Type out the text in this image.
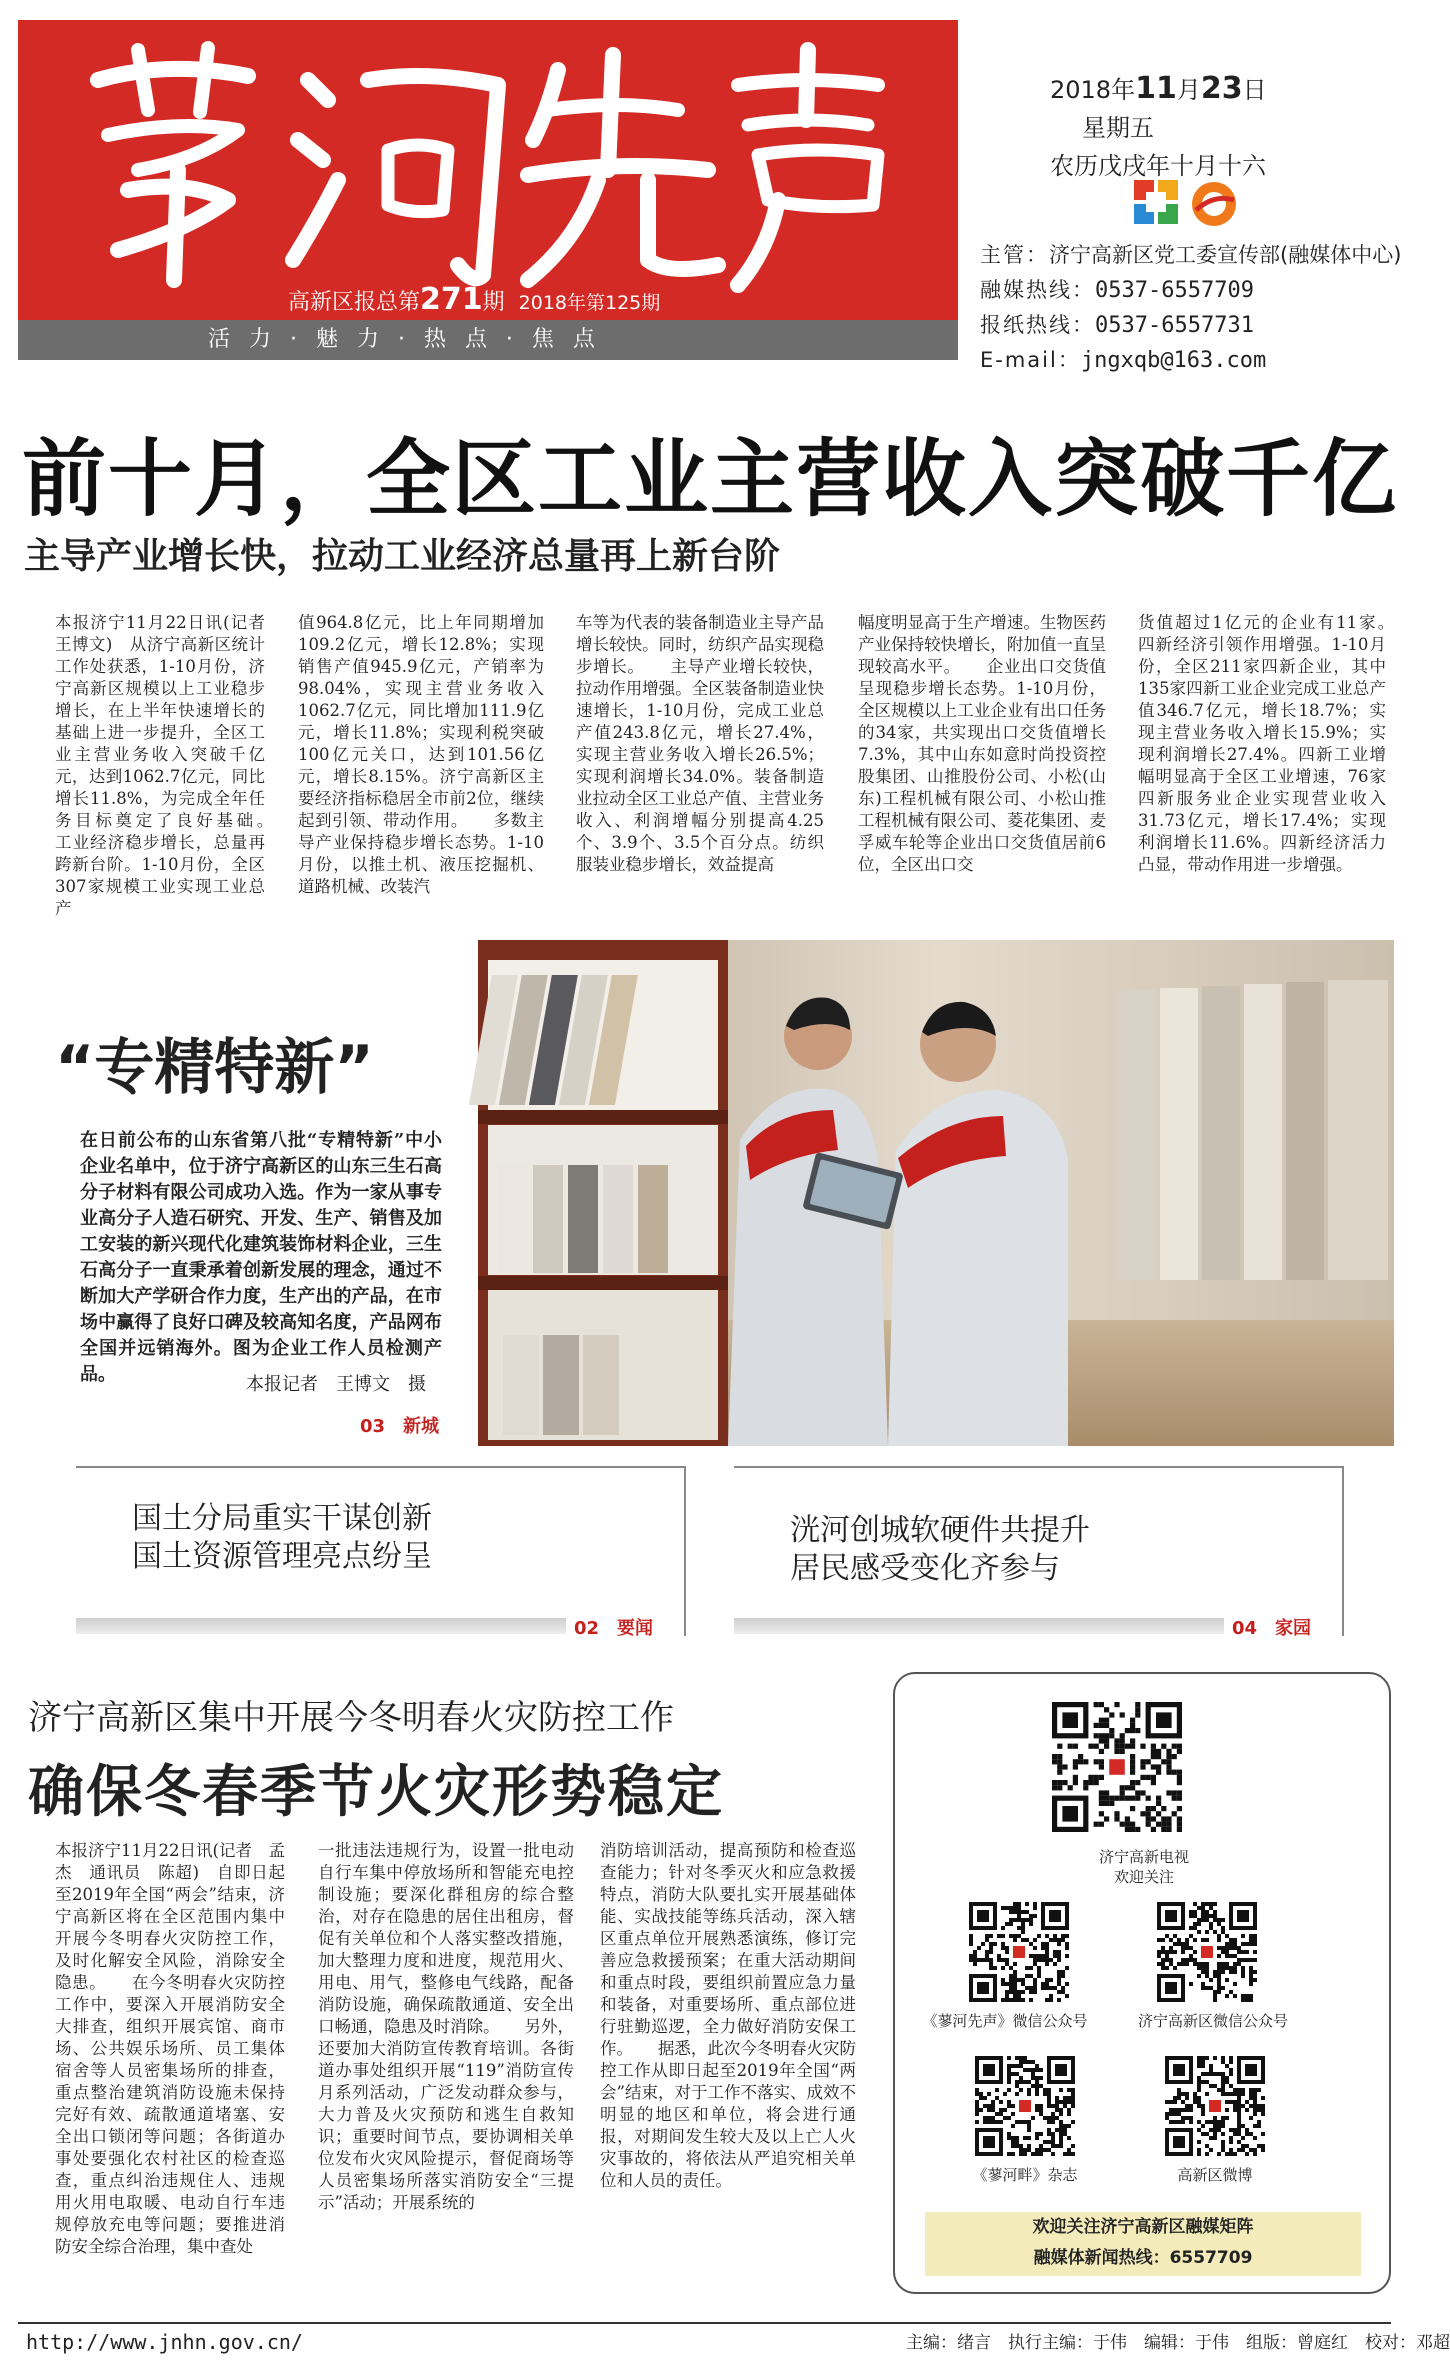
高新区报总第271期 2018年第125期
活 力 · 魅 力 · 热 点 · 焦 点
2018年11月23日
星期五
农历戊戌年十月十六
主管：济宁高新区党工委宣传部(融媒体中心)
融媒热线：0537-6557709
报纸热线：0537-6557731
E-mail：jngxqb@163.com
前十月，全区工业主营收入突破千亿
主导产业增长快，拉动工业经济总量再上新台阶
本报济宁11月22日讯(记者　王博文)　从济宁高新区统计工作处获悉，1-10月份，济宁高新区规模以上工业稳步增长，在上半年快速增长的基础上进一步提升，全区工业主营业务收入突破千亿元，达到1062.7亿元，同比增长11.8%，为完成全年任务目标奠定了良好基础。　　工业经济稳步增长，总量再跨新台阶。1-10月份，全区307家规模工业实现工业总产
值964.8亿元，比上年同期增加109.2亿元，增长12.8%；实现销售产值945.9亿元，产销率为98.04%，实现主营业务收入1062.7亿元，同比增加111.9亿元，增长11.8%；实现利税突破100亿元关口，达到101.56亿元，增长8.15%。济宁高新区主要经济指标稳居全市前2位，继续起到引领、带动作用。　　多数主导产业保持稳步增长态势。1-10月份，以推土机、液压挖掘机、道路机械、改装汽
车等为代表的装备制造业主导产品增长较快。同时，纺织产品实现稳步增长。　　主导产业增长较快，拉动作用增强。全区装备制造业快速增长，1-10月份，完成工业总产值243.8亿元，增长27.4%，实现主营业务收入增长26.5%；实现利润增长34.0%。装备制造业拉动全区工业总产值、主营业务收入、利润增幅分别提高4.25个、3.9个、3.5个百分点。纺织服装业稳步增长，效益提高
幅度明显高于生产增速。生物医药产业保持较快增长，附加值一直呈现较高水平。　　企业出口交货值呈现稳步增长态势。1-10月份，全区规模以上工业企业有出口任务的34家，共实现出口交货值增长7.3%，其中山东如意时尚投资控股集团、山推股份公司、小松(山东)工程机械有限公司、小松山推工程机械有限公司、菱花集团、麦孚威车轮等企业出口交货值居前6位，全区出口交
货值超过1亿元的企业有11家。　　四新经济引领作用增强。1-10月份，全区211家四新企业，其中135家四新工业企业完成工业总产值346.7亿元，增长18.7%；实现主营业务收入增长15.9%；实现利润增长27.4%。四新工业增幅明显高于全区工业增速，76家四新服务业企业实现营业收入31.73亿元，增长17.4%；实现利润增长11.6%。四新经济活力凸显，带动作用进一步增强。
“专精特新”
在日前公布的山东省第八批“专精特新”中小企业名单中，位于济宁高新区的山东三生石高分子材料有限公司成功入选。作为一家从事专业高分子人造石研究、开发、生产、销售及加工安装的新兴现代化建筑装饰材料企业，三生石高分子一直秉承着创新发展的理念，通过不断加大产学研合作力度，生产出的产品，在市场中赢得了良好口碑及较高知名度，产品网布全国并远销海外。图为企业工作人员检测产品。	本报记者　王博文　摄
03　新城
国土分局重实干谋创新
国土资源管理亮点纷呈
02　要闻
洸河创城软硬件共提升
居民感受变化齐参与
04　家园
济宁高新区集中开展今冬明春火灾防控工作
确保冬春季节火灾形势稳定
本报济宁11月22日讯(记者　孟杰　通讯员　陈超)　自即日起至2019年全国“两会”结束，济宁高新区将在全区范围内集中开展今冬明春火灾防控工作，及时化解安全风险，消除安全隐患。　　在今冬明春火灾防控工作中，要深入开展消防安全大排查，组织开展宾馆、商市场、公共娱乐场所、员工集体宿舍等人员密集场所的排查，重点整治建筑消防设施未保持完好有效、疏散通道堵塞、安全出口锁闭等问题；各街道办事处要强化农村社区的检查巡查，重点纠治违规住人、违规用火用电取暖、电动自行车违规停放充电等问题；要推进消防安全综合治理，集中查处
一批违法违规行为，设置一批电动自行车集中停放场所和智能充电控制设施；要深化群租房的综合整治，对存在隐患的居住出租房，督促有关单位和个人落实整改措施，加大整理力度和进度，规范用火、用电、用气，整修电气线路，配备消防设施，确保疏散通道、安全出口畅通，隐患及时消除。　　另外，还要加大消防宣传教育培训。各街道办事处组织开展“119”消防宣传月系列活动，广泛发动群众参与，大力普及火灾预防和逃生自救知识；重要时间节点，要协调相关单位发布火灾风险提示，督促商场等人员密集场所落实消防安全“三提示”活动；开展系统的
消防培训活动，提高预防和检查巡查能力；针对冬季灭火和应急救援特点，消防大队要扎实开展基础体能、实战技能等练兵活动，深入辖区重点单位开展熟悉演练，修订完善应急救援预案；在重大活动期间和重点时段，要组织前置应急力量和装备，对重要场所、重点部位进行驻勤巡逻，全力做好消防安保工作。　　据悉，此次今冬明春火灾防控工作从即日起至2019年全国“两会”结束，对于工作不落实、成效不明显的地区和单位，将会进行通报，对期间发生较大及以上亡人火灾事故的，将依法从严追究相关单位和人员的责任。
济宁高新电视
欢迎关注
《蓼河先声》微信公众号	济宁高新区微信公众号
《蓼河畔》杂志	高新区微博
欢迎关注济宁高新区融媒矩阵
融媒体新闻热线：6557709
http://www.jnhn.gov.cn/	主编：绪言　执行主编：于伟　编辑：于伟　组版：曾庭红　校对：邓超
